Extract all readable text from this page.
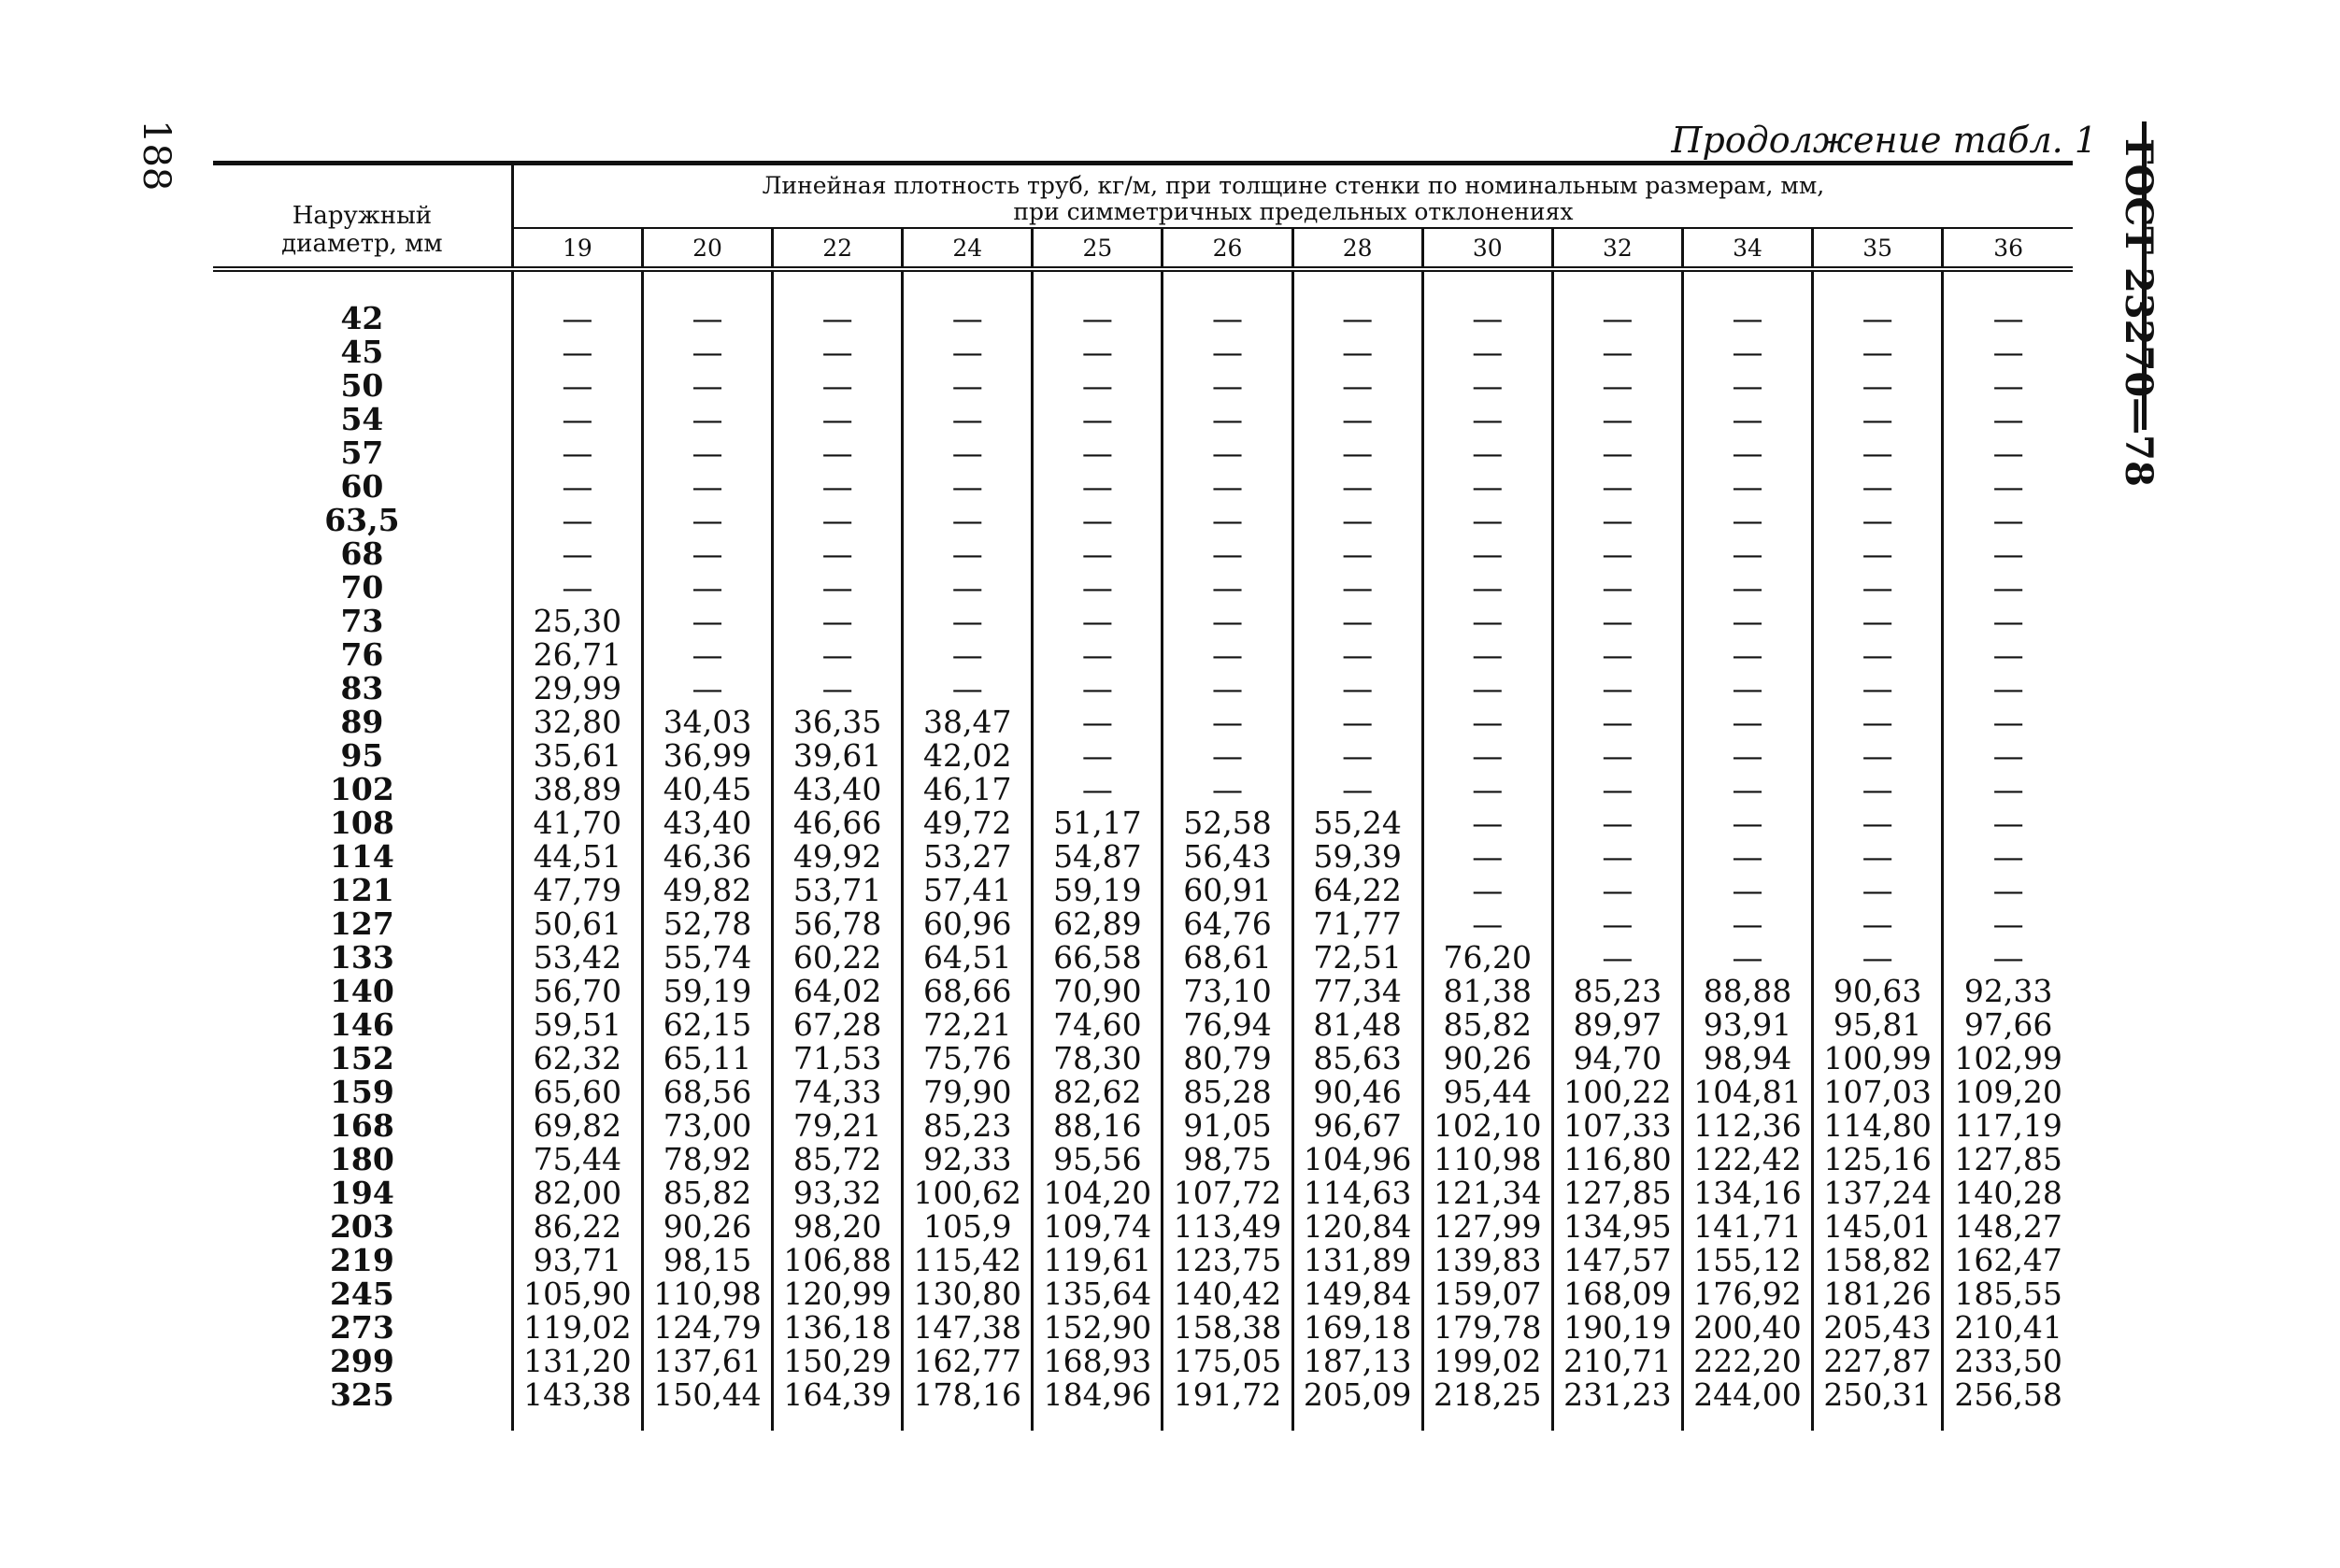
188	Продолжение табл. 1 ГОСТ 23270—78
Наружный
диаметр, мм	Линейная плотность труб, кг/м, при толщине стенки по номинальным размерам, мм,
при симметричных предельных отклонениях											
	19	20	22	24	25	26	28	30	32	34	35	36
42	—	—	—	—	—	—	—	—	—	—	—	—
45	—	—	—	—	—	—	—	—	—	—	—	—
50	—	—	—	—	—	—	—	—	—	—	—	—
54	—	—	—	—	—	—	—	—	—	—	—	—
57	—	—	—	—	—	—	—	—	—	—	—	—
60	—	—	—	—	—	—	—	—	—	—	—	—
63,5	—	—	—	—	—	—	—	—	—	—	—	—
68	—	—	—	—	—	—	—	—	—	—	—	—
70	—	—	—	—	—	—	—	—	—	—	—	—
73	25,30	—	—	—	—	—	—	—	—	—	—	—
76	26,71	—	—	—	—	—	—	—	—	—	—	—
83	29,99	—	—	—	—	—	—	—	—	—	—	—
89	32,80	34,03	36,35	38,47	—	—	—	—	—	—	—	—
95	35,61	36,99	39,61	42,02	—	—	—	—	—	—	—	—
102	38,89	40,45	43,40	46,17	—	—	—	—	—	—	—	—
108	41,70	43,40	46,66	49,72	51,17	52,58	55,24	—	—	—	—	—
114	44,51	46,36	49,92	53,27	54,87	56,43	59,39	—	—	—	—	—
121	47,79	49,82	53,71	57,41	59,19	60,91	64,22	—	—	—	—	—
127	50,61	52,78	56,78	60,96	62,89	64,76	71,77	—	—	—	—	—
133	53,42	55,74	60,22	64,51	66,58	68,61	72,51	76,20	—	—	—	—
140	56,70	59,19	64,02	68,66	70,90	73,10	77,34	81,38	85,23	88,88	90,63	92,33
146	59,51	62,15	67,28	72,21	74,60	76,94	81,48	85,82	89,97	93,91	95,81	97,66
152	62,32	65,11	71,53	75,76	78,30	80,79	85,63	90,26	94,70	98,94	100,99	102,99
159	65,60	68,56	74,33	79,90	82,62	85,28	90,46	95,44	100,22	104,81	107,03	109,20
168	69,82	73,00	79,21	85,23	88,16	91,05	96,67	102,10	107,33	112,36	114,80	117,19
180	75,44	78,92	85,72	92,33	95,56	98,75	104,96	110,98	116,80	122,42	125,16	127,85
194	82,00	85,82	93,32	100,62	104,20	107,72	114,63	121,34	127,85	134,16	137,24	140,28
203	86,22	90,26	98,20	105,9	109,74	113,49	120,84	127,99	134,95	141,71	145,01	148,27
219	93,71	98,15	106,88	115,42	119,61	123,75	131,89	139,83	147,57	155,12	158,82	162,47
245	105,90	110,98	120,99	130,80	135,64	140,42	149,84	159,07	168,09	176,92	181,26	185,55
273	119,02	124,79	136,18	147,38	152,90	158,38	169,18	179,78	190,19	200,40	205,43	210,41
299	131,20	137,61	150,29	162,77	168,93	175,05	187,13	199,02	210,71	222,20	227,87	233,50
325	143,38	150,44	164,39	178,16	184,96	191,72	205,09	218,25	231,23	244,00	250,31	256,58
